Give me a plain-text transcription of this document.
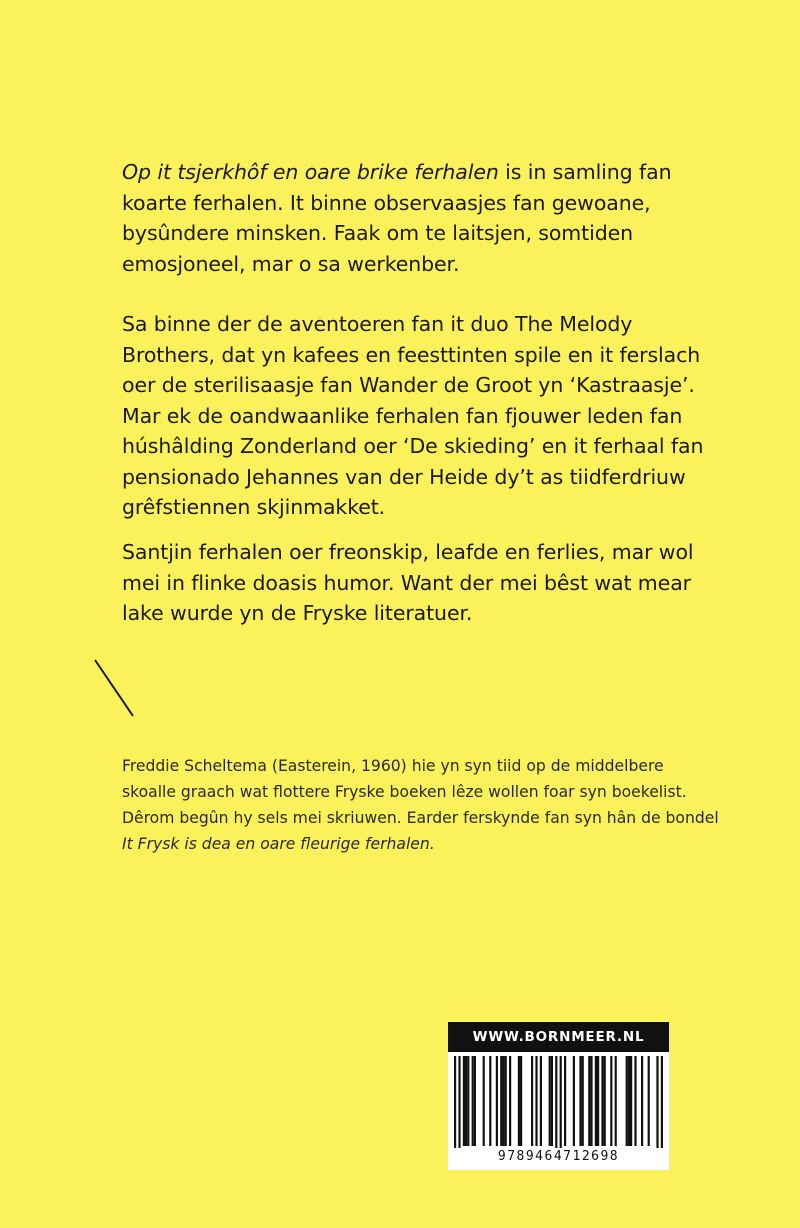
Op it tsjerkhôf en oare brike ferhalen is in samling fan koarte ferhalen. It binne observaasjes fan gewoane, bysûndere minsken. Faak om te laitsjen, somtiden emosjoneel, mar o sa werkenber.

Sa binne der de aventoeren fan it duo The Melody Brothers, dat yn kafees en feesttinten spile en it ferslach oer de sterilisaasje fan Wander de Groot yn ‘Kastraasje’. Mar ek de oandwaanlike ferhalen fan fjouwer leden fan húshâlding Zonderland oer ‘De skieding’ en it ferhaal fan pensionado Jehannes van der Heide dy’t as tiidferdriuw grêfstiennen skjinmakket.

Santjin ferhalen oer freonskip, leafde en ferlies, mar wol mei in flinke doasis humor. Want der mei bêst wat mear lake wurde yn de Fryske literatuer.

Freddie Scheltema (Easterein, 1960) hie yn syn tiid op de middelbere skoalle graach wat flottere Fryske boeken lêze wollen foar syn boekelist. Dêrom begûn hy sels mei skriuwen. Earder ferskynde fan syn hân de bondel It Frysk is dea en oare fleurige ferhalen.

WWW.BORNMEER.NL
9789464712698
